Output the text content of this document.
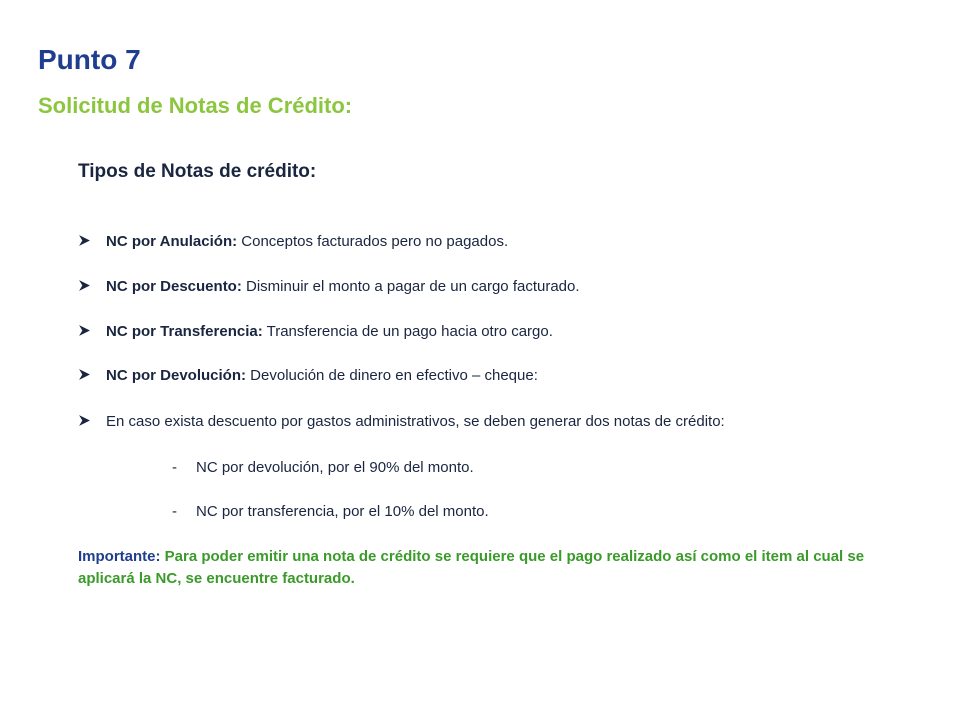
Punto 7
Solicitud de Notas de Crédito:
Tipos de Notas de crédito:
NC por Anulación: Conceptos facturados pero no pagados.
NC por Descuento: Disminuir el monto a pagar de un cargo facturado.
NC por Transferencia: Transferencia de un pago hacia otro cargo.
NC por Devolución: Devolución de dinero en efectivo – cheque:
En caso exista descuento por gastos administrativos, se deben generar dos notas de crédito:
- NC por devolución, por el 90% del monto.
- NC por transferencia, por el 10% del monto.
Importante: Para poder emitir una nota de crédito se requiere que el pago realizado así como el item al cual se aplicará la NC, se encuentre facturado.
